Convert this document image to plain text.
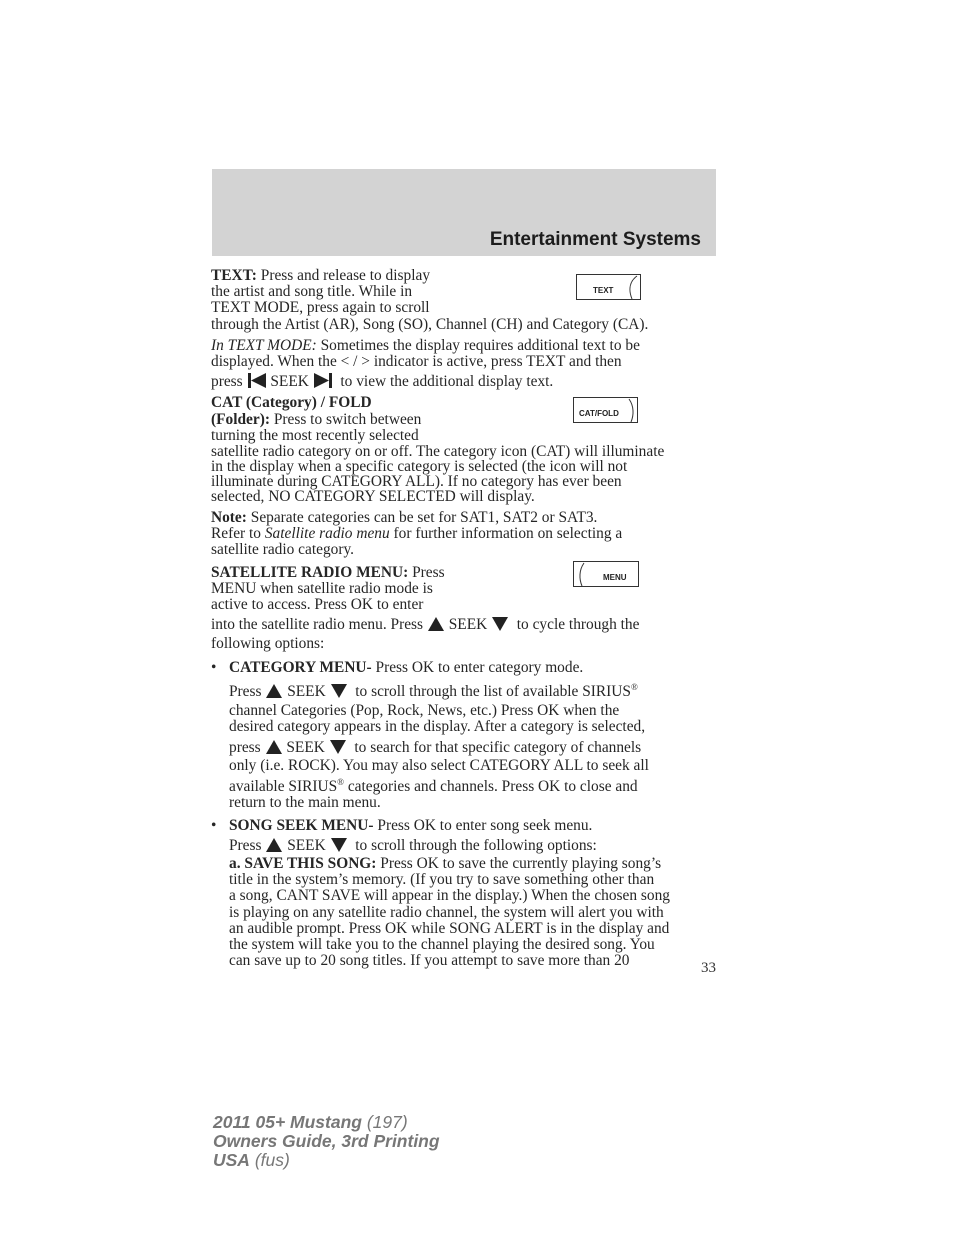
Entertainment Systems
TEXT

TEXT: Press and release to display

the artist and song title. While in

TEXT MODE, press again to scroll

through the Artist (AR), Song (SO), Channel (CH) and Category (CA).

In TEXT MODE: Sometimes the display requires additional text to be

displayed. When the < / > indicator is active, press TEXT and then

press SEEK to view the additional display text.

CAT/FOLD

CAT (Category) / FOLD

(Folder): Press to switch between

turning the most recently selected

satellite radio category on or off. The category icon (CAT) will illuminate

in the display when a specific category is selected (the icon will not

illuminate during CATEGORY ALL). If no category has ever been

selected, NO CATEGORY SELECTED will display.

Note: Separate categories can be set for SAT1, SAT2 or SAT3.

Refer to Satellite radio menu for further information on selecting a

satellite radio category.

MENU

SATELLITE RADIO MENU: Press

MENU when satellite radio mode is

active to access. Press OK to enter

into the satellite radio menu. Press SEEK to cycle through the

following options:

• CATEGORY MENU- Press OK to enter category mode.

Press SEEK to scroll through the list of available SIRIUS®

channel Categories (Pop, Rock, News, etc.) Press OK when the

desired category appears in the display. After a category is selected,

press SEEK to search for that specific category of channels

only (i.e. ROCK). You may also select CATEGORY ALL to seek all

available SIRIUS® categories and channels. Press OK to close and

return to the main menu.

• SONG SEEK MENU- Press OK to enter song seek menu.

Press SEEK to scroll through the following options:

a. SAVE THIS SONG: Press OK to save the currently playing song’s

title in the system’s memory. (If you try to save something other than

a song, CANT SAVE will appear in the display.) When the chosen song

is playing on any satellite radio channel, the system will alert you with

an audible prompt. Press OK while SONG ALERT is in the display and

the system will take you to the channel playing the desired song. You

can save up to 20 song titles. If you attempt to save more than 20	33
2011 05+ Mustang (197)
Owners Guide, 3rd Printing
USA (fus)
